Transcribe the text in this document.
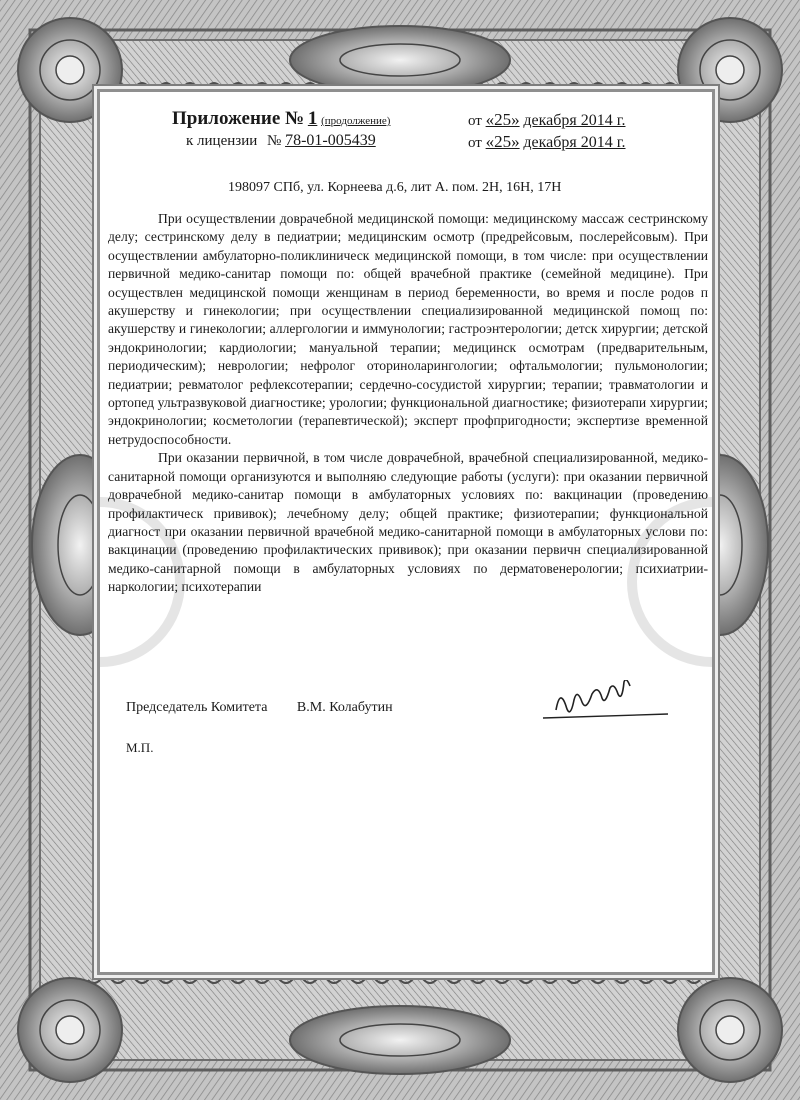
Приложение № 1 (продолжение)	от «25» декабря 2014 г.
к лицензии № 78-01-005439	от «25» декабря 2014 г.
198097 СПб, ул. Корнеева д.6, лит А. пом. 2Н, 16Н, 17Н

При осуществлении доврачебной медицинской помощи: медицинскому массаж сестринскому делу; сестринскому делу в педиатрии; медицинским осмотр (предрейсовым, послерейсовым). При осуществлении амбулаторно-поликлиническ медицинской помощи, в том числе: при осуществлении первичной медико-санитар помощи по: общей врачебной практике (семейной медицине). При осуществлен медицинской помощи женщинам в период беременности, во время и после родов п акушерству и гинекологии; при осуществлении специализированной медицинской помощ по: акушерству и гинекологии; аллергологии и иммунологии; гастроэнтерологии; детск хирургии; детской эндокринологии; кардиологии; мануальной терапии; медицинск осмотрам (предварительным, периодическим); неврологии; нефролог оториноларингологии; офтальмологии; пульмонологии; педиатрии; ревматолог рефлексотерапии; сердечно-сосудистой хирургии; терапии; травматологии и ортопед ультразвуковой диагностике; урологии; функциональной диагностике; физиотерапи хирургии; эндокринологии; косметологии (терапевтической); эксперт профпригодности; экспертизе временной нетрудоспособности.

При оказании первичной, в том числе доврачебной, врачебной специализированной, медико-санитарной помощи организуются и выполняю следующие работы (услуги): при оказании первичной доврачебной медико-санитар помощи в амбулаторных условиях по: вакцинации (проведению профилактическ прививок); лечебному делу; общей практике; физиотерапии; функциональной диагност при оказании первичной врачебной медико-санитарной помощи в амбулаторных услови по: вакцинации (проведению профилактических прививок); при оказании первичн специализированной медико-санитарной помощи в амбулаторных условиях по дерматовенерологии; психиатрии-наркологии; психотерапии

Председатель Комитета В.М. Колабутин
М.П.
